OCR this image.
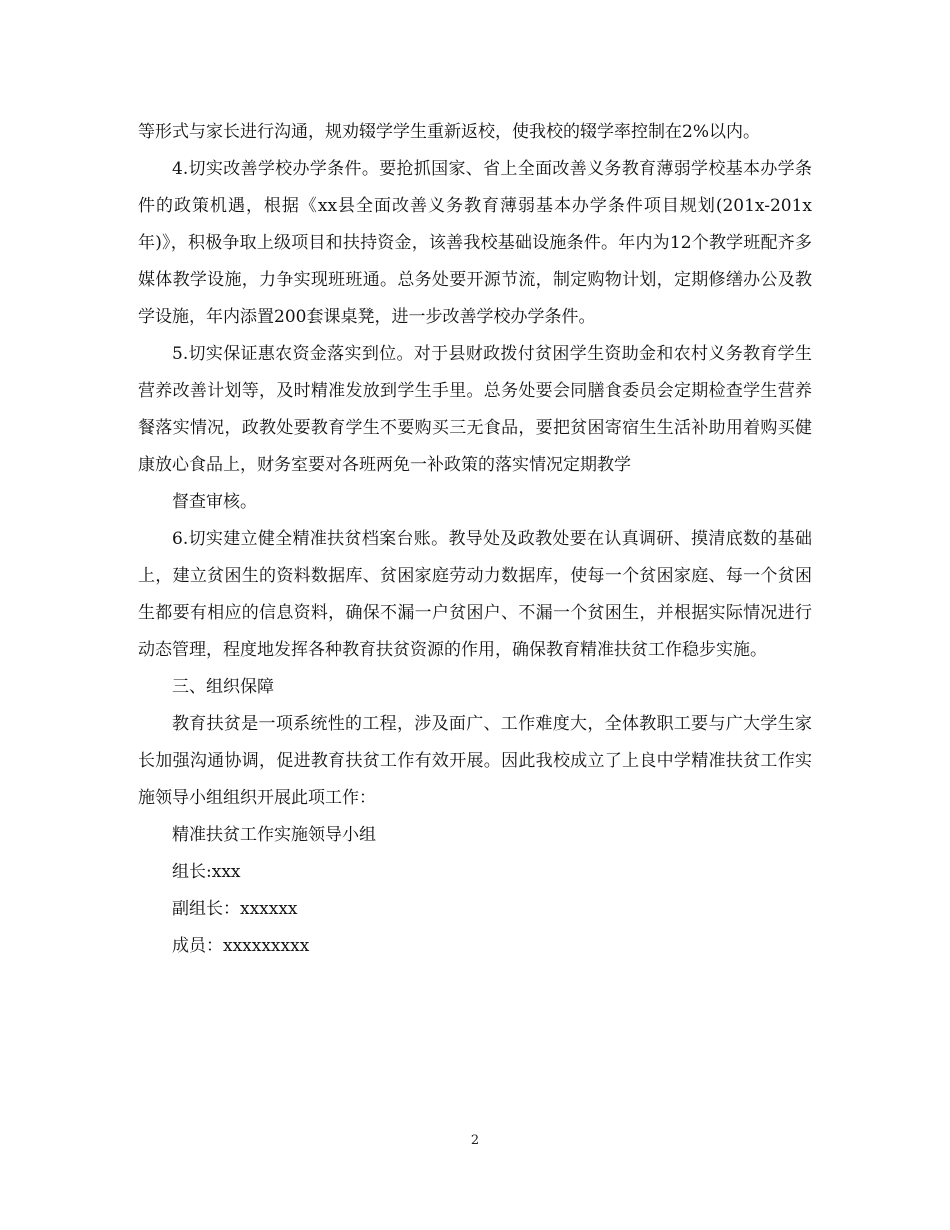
等形式与家长进行沟通，规劝辍学学生重新返校，使我校的辍学率控制在2%以内。

4.切实改善学校办学条件。要抢抓国家、省上全面改善义务教育薄弱学校基本办学条件的政策机遇，根据《xx县全面改善义务教育薄弱基本办学条件项目规划(201x-201x年)》，积极争取上级项目和扶持资金，该善我校基础设施条件。年内为12个教学班配齐多媒体教学设施，力争实现班班通。总务处要开源节流，制定购物计划，定期修缮办公及教学设施，年内添置200套课桌凳，进一步改善学校办学条件。

5.切实保证惠农资金落实到位。对于县财政拨付贫困学生资助金和农村义务教育学生营养改善计划等，及时精准发放到学生手里。总务处要会同膳食委员会定期检查学生营养餐落实情况，政教处要教育学生不要购买三无食品，要把贫困寄宿生生活补助用着购买健康放心食品上，财务室要对各班两免一补政策的落实情况定期教学

督查审核。

6.切实建立健全精准扶贫档案台账。教导处及政教处要在认真调研、摸清底数的基础上，建立贫困生的资料数据库、贫困家庭劳动力数据库，使每一个贫困家庭、每一个贫困生都要有相应的信息资料，确保不漏一户贫困户、不漏一个贫困生，并根据实际情况进行动态管理，程度地发挥各种教育扶贫资源的作用，确保教育精准扶贫工作稳步实施。

三、组织保障

教育扶贫是一项系统性的工程，涉及面广、工作难度大，全体教职工要与广大学生家长加强沟通协调，促进教育扶贫工作有效开展。因此我校成立了上良中学精准扶贫工作实施领导小组组织开展此项工作：

精准扶贫工作实施领导小组

组长:xxx

副组长：xxxxxx

成员：xxxxxxxxx

2
